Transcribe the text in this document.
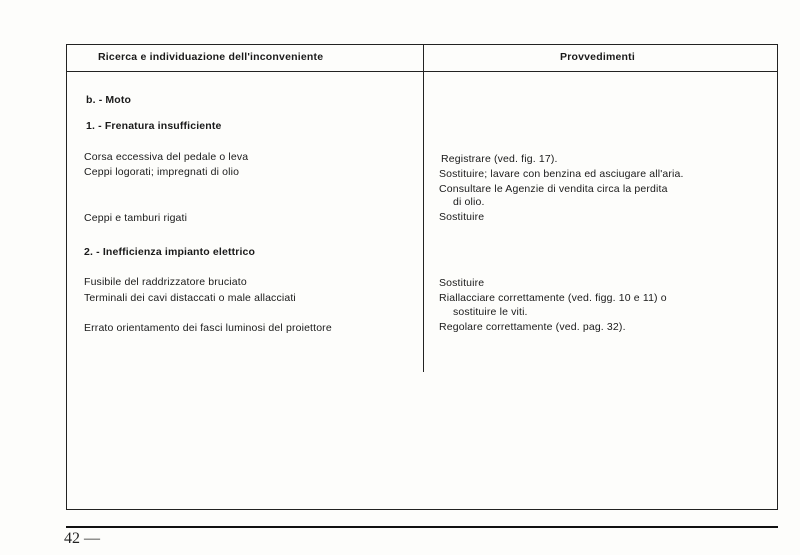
Ricerca e individuazione dell'inconveniente	Provvedimenti
b. - Moto
1. - Frenatura insufficiente
Corsa eccessiva del pedale o leva	Registrare (ved. fig. 17).
Ceppi logorati; impregnati di olio	Sostituire; lavare con benzina ed asciugare all'aria.
Consultare le Agenzie di vendita circa la perdita
di olio.
Ceppi e tamburi rigati	Sostituire
2. - Inefficienza impianto elettrico
Fusibile del raddrizzatore bruciato	Sostituire
Terminali dei cavi distaccati o male allacciati	Riallacciare correttamente (ved. figg. 10 e 11) o
sostituire le viti.
Errato orientamento dei fasci luminosi del proiettore	Regolare correttamente (ved. pag. 32).
42 —
